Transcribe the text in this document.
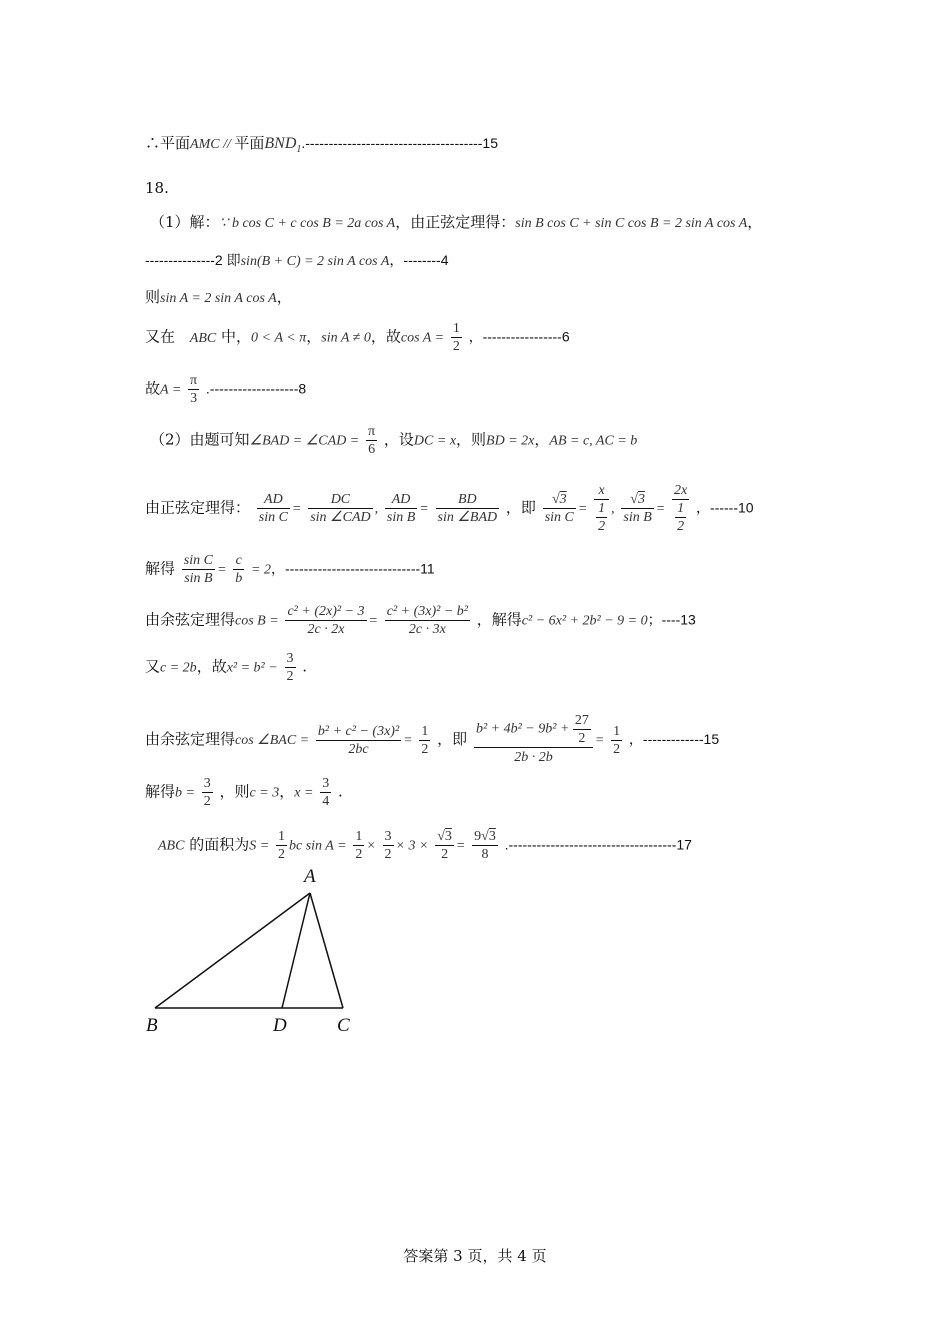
∴平面AMC // 平面$BND_1.--------------------------------------15$
18.
（1）解：∵ b cos C + c cos B = 2a cos A，由正弦定理得：sin B cos C + sin C cos B = 2 sin A cos A，
---------------2 即sin(B + C) = 2 sin A cos A，--------4
则sin A = 2 sin A cos A，
又在 ABC 中，0 < A < π，sin A ≠ 0，故$\cos A = \frac{1}{2}$ ，-----------------6
故$A = \frac{\pi}{3} .-------------------8$
（2）由题可知∠BAD = ∠CAD = $\frac{\pi}{6}$ ，设DC = x，则BD = 2x，AB = c, AC = b
由正弦定理得： $\frac{AD}{\text{sin C}} = \frac{DC}{\text{sin ∠CAD}}$ , $\frac{AD}{\text{sin B}} = \frac{BD}{\text{sin ∠BAD}}$ ，即 $\frac{√3}{\text{sin C}} = \frac{x}{\frac{1}{2}}$ , $\frac{√3}{\text{sin B}} = \frac{2x}{\frac{1}{2}}$ ，------10
解得 $\frac{\text{sin C}}{\text{sin B}} = \frac{c}{b} = 2$，-----------------------------11
由余弦定理得$\cos B = \frac{\text{c² + (2x)² − 3}}{2c \cdot 2x} = \frac{\text{c² + (3x)² − b²}}{2c \cdot 3x}$ ，解得c² − 6x² + 2b² − 9 = 0；----13
又c = 2b，故$x^2 = b^2 - \frac{3}{2}$ .
由余弦定理得cos ∠BAC = $\frac{\text{b² + c² − (3x)²}}{2bc} = \frac{1}{2}$ ，即 $\frac{b^2 + 4b^2 - 9b^2 + \frac{27}{2}}{2b \cdot 2b} = \frac{1}{2}$ ，-------------15
解得$b = \frac{3}{2}$ ，则c = 3，$x = \frac{3}{4}$ .
ABC 的面积为$S = \frac{1}{2}$ bc $\sin A = \frac{1}{2} \times \frac{3}{2} \times 3 \times \frac{√3}{2} = \frac{9√3}{8} .------------------------------------17$
A
B	D	C
答案第 3 页，共 4 页
